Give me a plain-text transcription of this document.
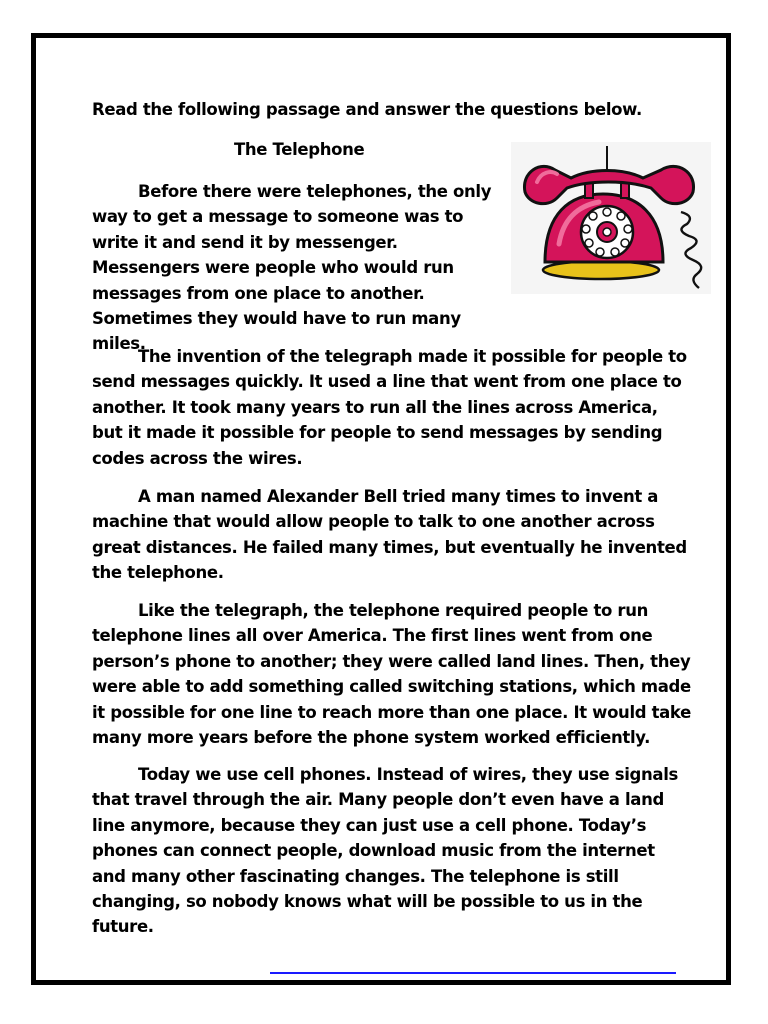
Read the following passage and answer the questions below.

The Telephone

Before there were telephones, the only way to get a message to someone was to write it and send it by messenger. Messengers were people who would run messages from one place to another. Sometimes they would have to run many miles.

The invention of the telegraph made it possible for people to send messages quickly. It used a line that went from one place to another. It took many years to run all the lines across America, but it made it possible for people to send messages by sending codes across the wires.

A man named Alexander Bell tried many times to invent a machine that would allow people to talk to one another across great distances. He failed many times, but eventually he invented the telephone.

Like the telegraph, the telephone required people to run telephone lines all over America. The first lines went from one person’s phone to another; they were called land lines. Then, they were able to add something called switching stations, which made it possible for one line to reach more than one place. It would take many more years before the phone system worked efficiently.

Today we use cell phones. Instead of wires, they use signals that travel through the air. Many people don’t even have a land line anymore, because they can just use a cell phone. Today’s phones can connect people, download music from the internet and many other fascinating changes. The telephone is still changing, so nobody knows what will be possible to us in the future.
